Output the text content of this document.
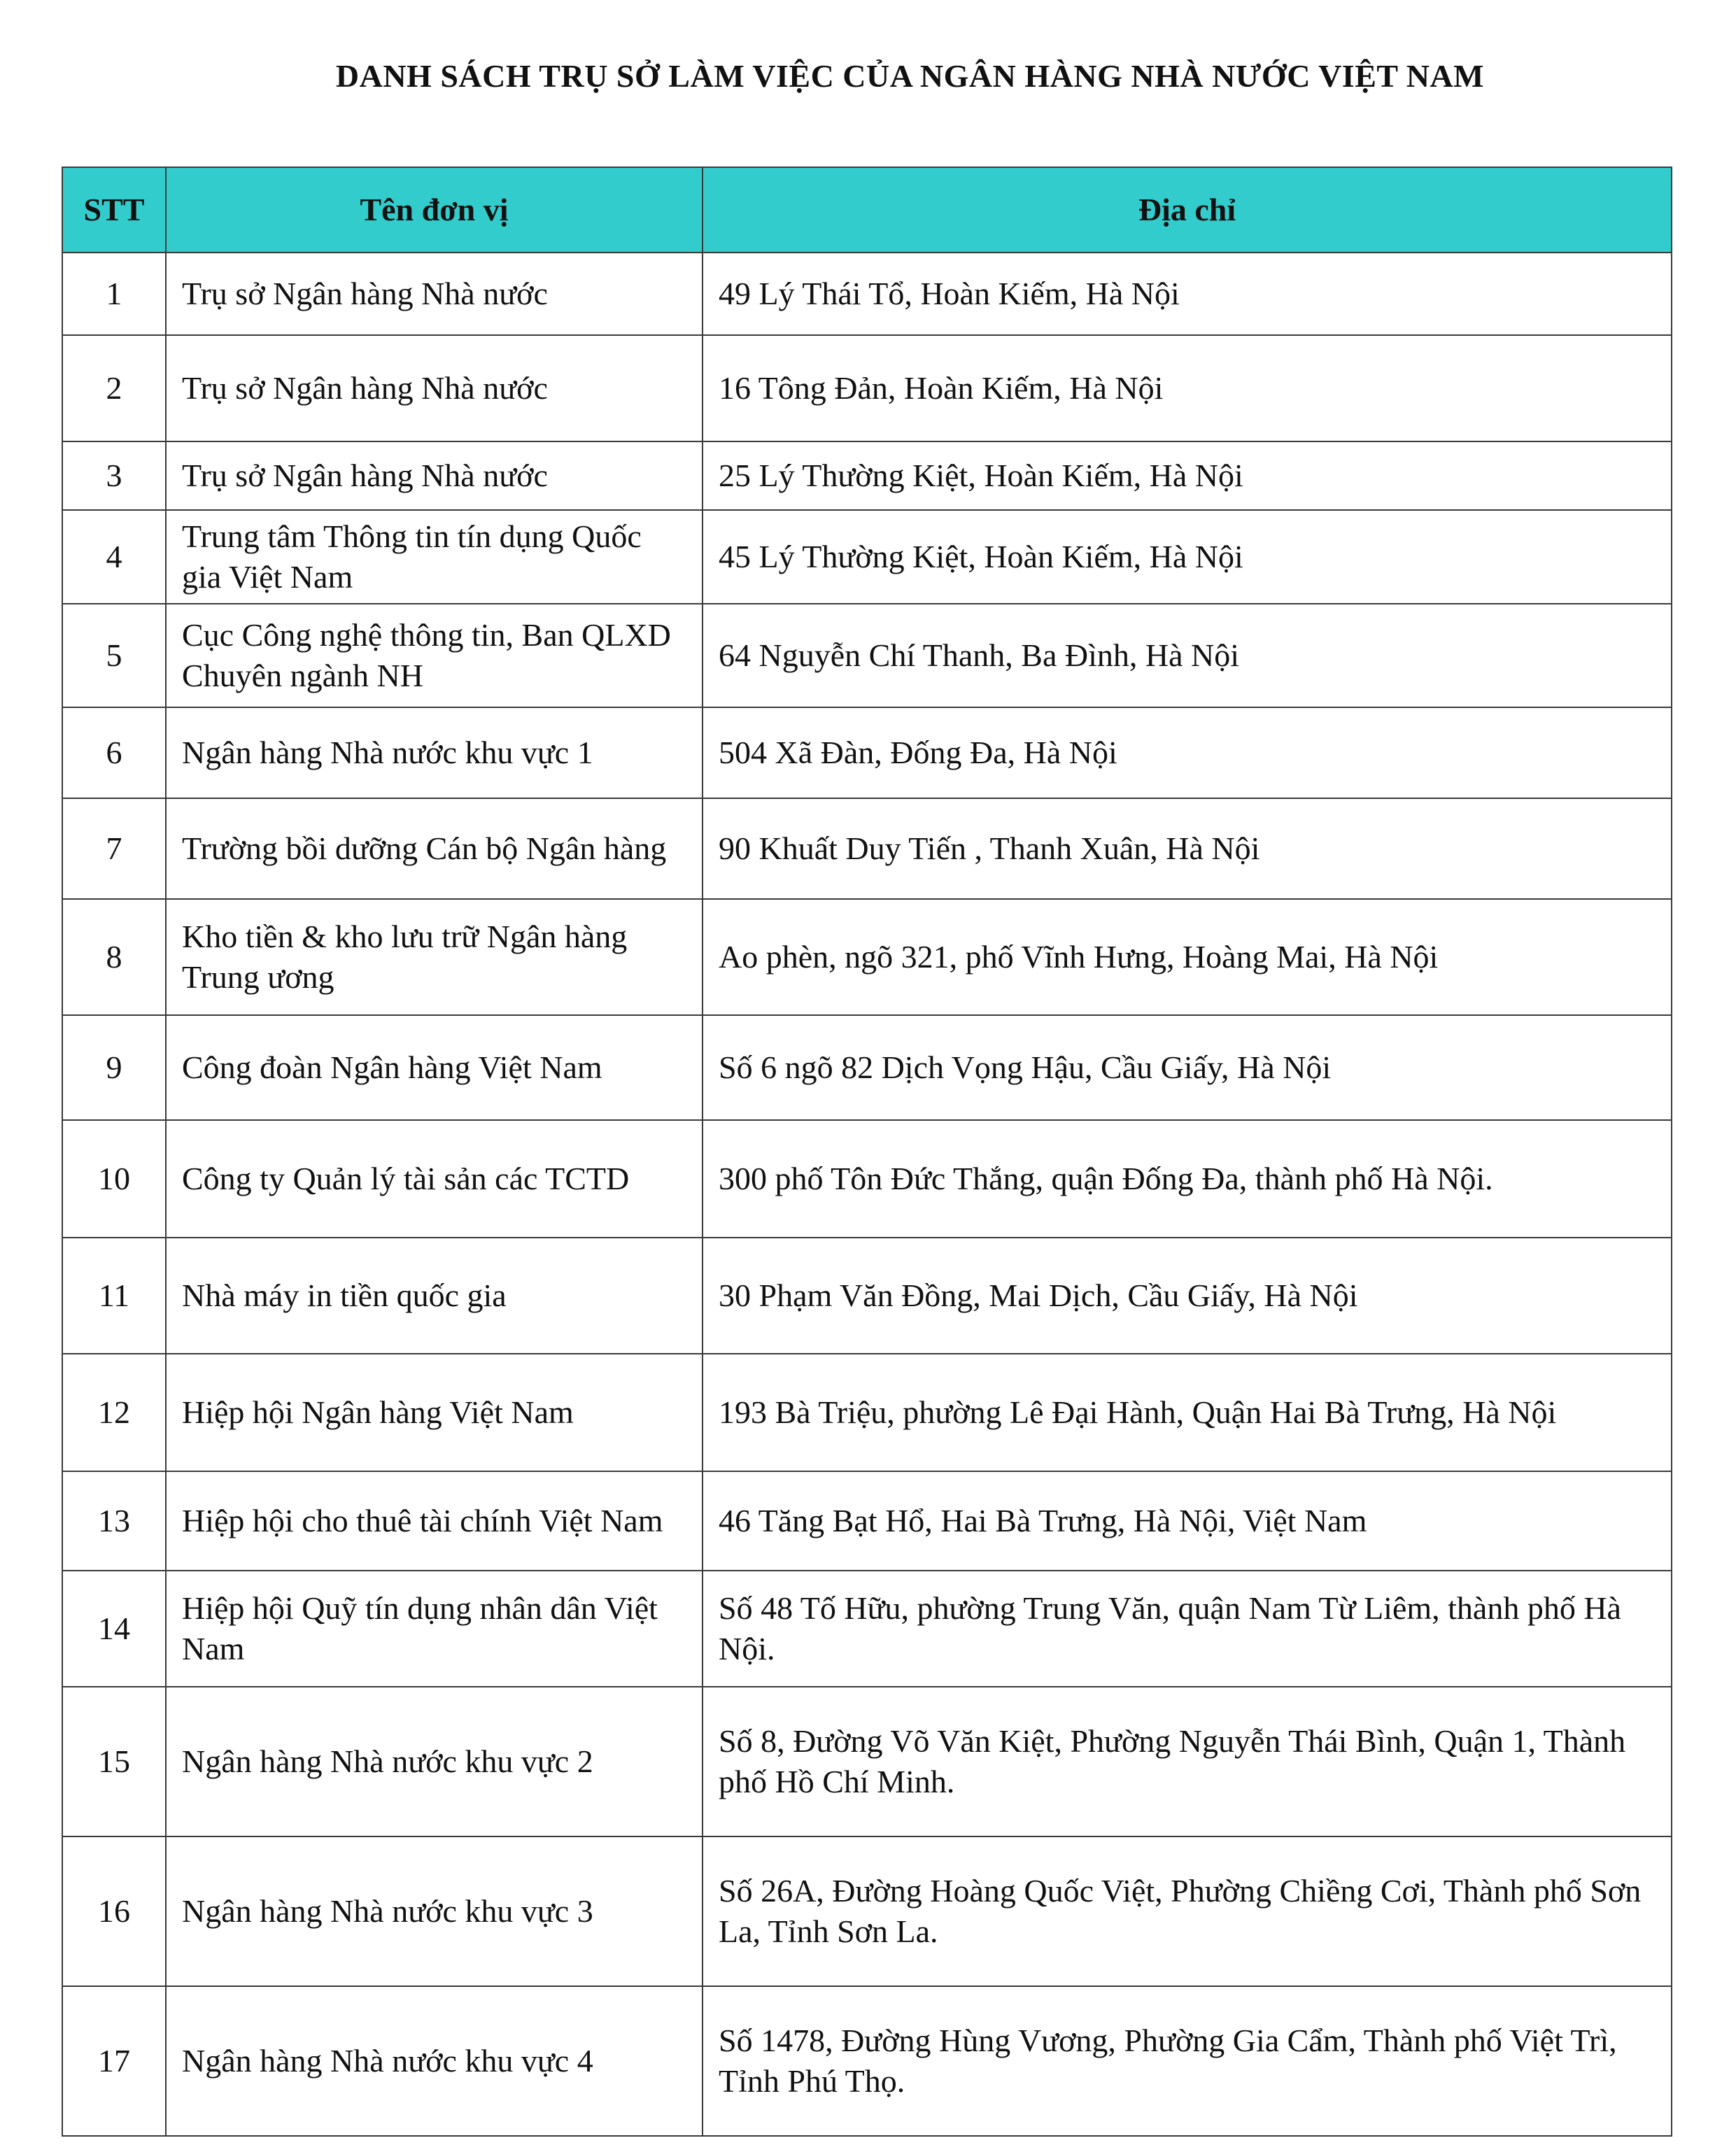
DANH SÁCH TRỤ SỞ LÀM VIỆC CỦA NGÂN HÀNG NHÀ NƯỚC VIỆT NAM
STT	Tên đơn vị	Địa chỉ
1	Trụ sở Ngân hàng Nhà nước	49 Lý Thái Tổ, Hoàn Kiếm, Hà Nội
2	Trụ sở Ngân hàng Nhà nước	16 Tông Đản, Hoàn Kiếm, Hà Nội
3	Trụ sở Ngân hàng Nhà nước	25 Lý Thường Kiệt, Hoàn Kiếm, Hà Nội
4	Trung tâm Thông tin tín dụng Quốc gia Việt Nam	45 Lý Thường Kiệt, Hoàn Kiếm, Hà Nội
5	Cục Công nghệ thông tin, Ban QLXD Chuyên ngành NH	64 Nguyễn Chí Thanh, Ba Đình, Hà Nội
6	Ngân hàng Nhà nước khu vực 1	504 Xã Đàn, Đống Đa, Hà Nội
7	Trường bồi dưỡng Cán bộ Ngân hàng	90 Khuất Duy Tiến , Thanh Xuân, Hà Nội
8	Kho tiền & kho lưu trữ Ngân hàng Trung ương	Ao phèn, ngõ 321, phố Vĩnh Hưng, Hoàng Mai, Hà Nội
9	Công đoàn Ngân hàng Việt Nam	Số 6 ngõ 82 Dịch Vọng Hậu, Cầu Giấy, Hà Nội
10	Công ty Quản lý tài sản các TCTD	300 phố Tôn Đức Thắng, quận Đống Đa, thành phố Hà Nội.
11	Nhà máy in tiền quốc gia	30 Phạm Văn Đồng, Mai Dịch, Cầu Giấy, Hà Nội
12	Hiệp hội Ngân hàng Việt Nam	193 Bà Triệu, phường Lê Đại Hành, Quận Hai Bà Trưng, Hà Nội
13	Hiệp hội cho thuê tài chính Việt Nam	46 Tăng Bạt Hổ, Hai Bà Trưng, Hà Nội, Việt Nam
14	Hiệp hội Quỹ tín dụng nhân dân Việt Nam	Số 48 Tố Hữu, phường Trung Văn, quận Nam Từ Liêm, thành phố Hà Nội.
15	Ngân hàng Nhà nước khu vực 2	Số 8, Đường Võ Văn Kiệt, Phường Nguyễn Thái Bình, Quận 1, Thành phố Hồ Chí Minh.
16	Ngân hàng Nhà nước khu vực 3	Số 26A, Đường Hoàng Quốc Việt, Phường Chiềng Cơi, Thành phố Sơn La, Tỉnh Sơn La.
17	Ngân hàng Nhà nước khu vực 4	Số 1478, Đường Hùng Vương, Phường Gia Cẩm, Thành phố Việt Trì, Tỉnh Phú Thọ.
